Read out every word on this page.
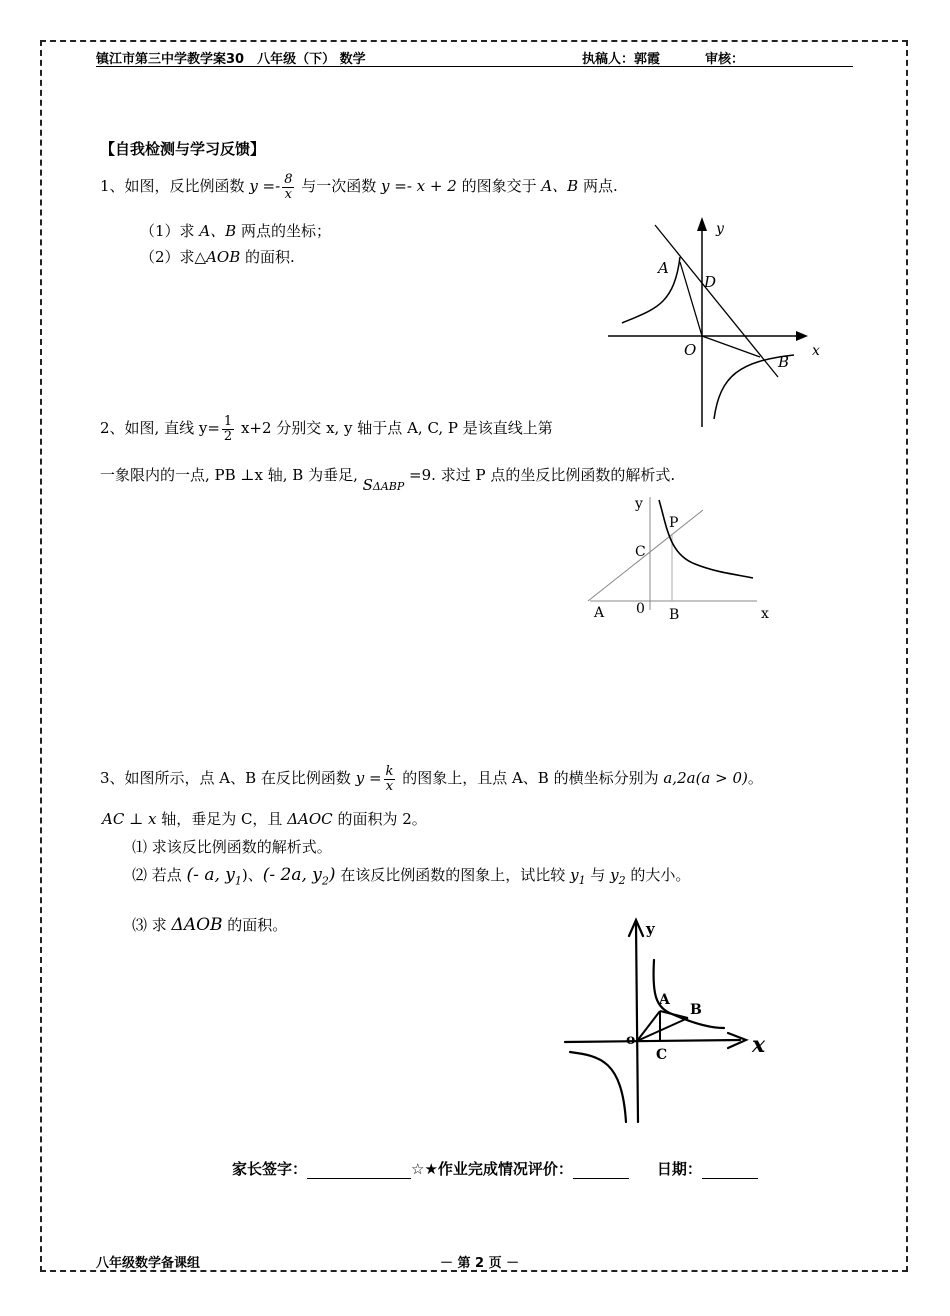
镇江市第三中学教学案30　八年级（下） 数学	执稿人：郭霞	审核：
【自我检测与学习反馈】
1、如图，反比例函数 $y =- \frac{8}{x}$ 与一次函数 y =- x + 2 的图象交于 A、B 两点.
（1）求 A、B 两点的坐标；
（2）求△AOB 的面积.
y
x
A
D
O
B
2、如图, 直线 $y= \frac{1}{2} x+2$ 分别交 x, y 轴于点 A, C, P 是该直线上第
一象限内的一点, PB ⊥x 轴, B 为垂足, SΔABP =9. 求过 P 点的坐反比例函数的解析式.
y
x
P
C
A 0 B
3、如图所示，点 A、B 在反比例函数 $y = \frac{k}{x}$ 的图象上，且点 A、B 的横坐标分别为 a,2a(a > 0)。
AC ⊥ x 轴，垂足为 C，且 ΔAOC 的面积为 2。
⑴ 求该反比例函数的解析式。
⑵ 若点 (- a, $y_1$)、(- 2a, $y_2$) 在该反比例函数的图象上，试比较 $y_1$ 与 $y_2$ 的大小。
⑶ 求 ΔAOB 的面积。	y
x
A
B
o
C
家长签字：	☆★作业完成情况评价：	日期：
八年级数学备课组	－ 第 2 页 －
